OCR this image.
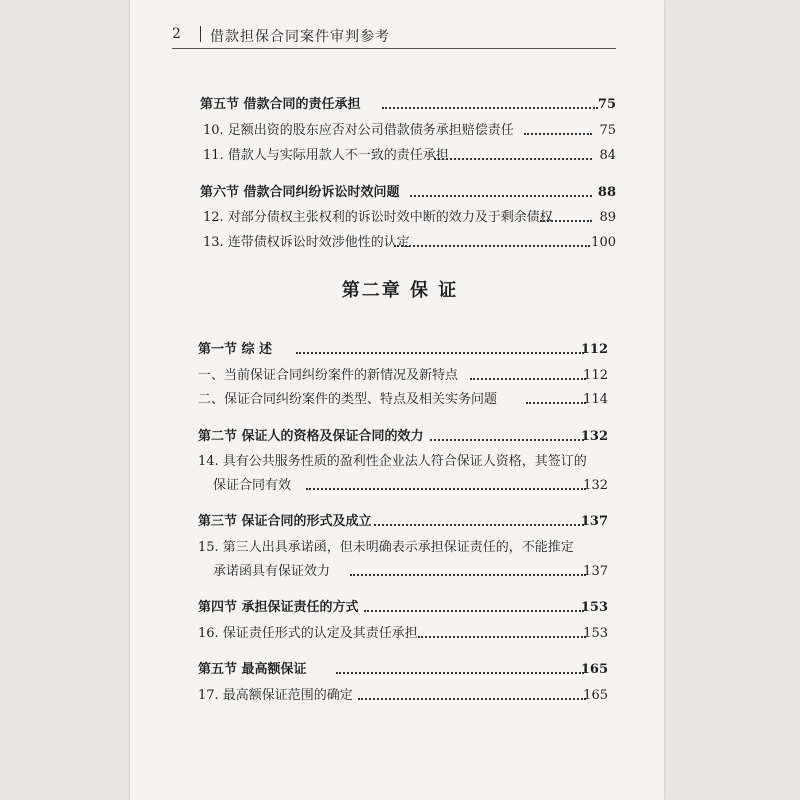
2 借款担保合同案件审判参考
第五节 借款合同的责任承担	75
10. 足额出资的股东应否对公司借款债务承担赔偿责任	75
11. 借款人与实际用款人不一致的责任承担	84
第六节 借款合同纠纷诉讼时效问题	88
12. 对部分债权主张权利的诉讼时效中断的效力及于剩余债权	89
13. 连带债权诉讼时效涉他性的认定	100
第二章 保 证
第一节 综 述	112
一、当前保证合同纠纷案件的新情况及新特点	112
二、保证合同纠纷案件的类型、特点及相关实务问题	114
第二节 保证人的资格及保证合同的效力	132
14. 具有公共服务性质的盈利性企业法人符合保证人资格，其签订的
保证合同有效	132
第三节 保证合同的形式及成立	137
15. 第三人出具承诺函，但未明确表示承担保证责任的，不能推定
承诺函具有保证效力	137
第四节 承担保证责任的方式	153
16. 保证责任形式的认定及其责任承担	153
第五节 最高额保证	165
17. 最高额保证范围的确定	165
